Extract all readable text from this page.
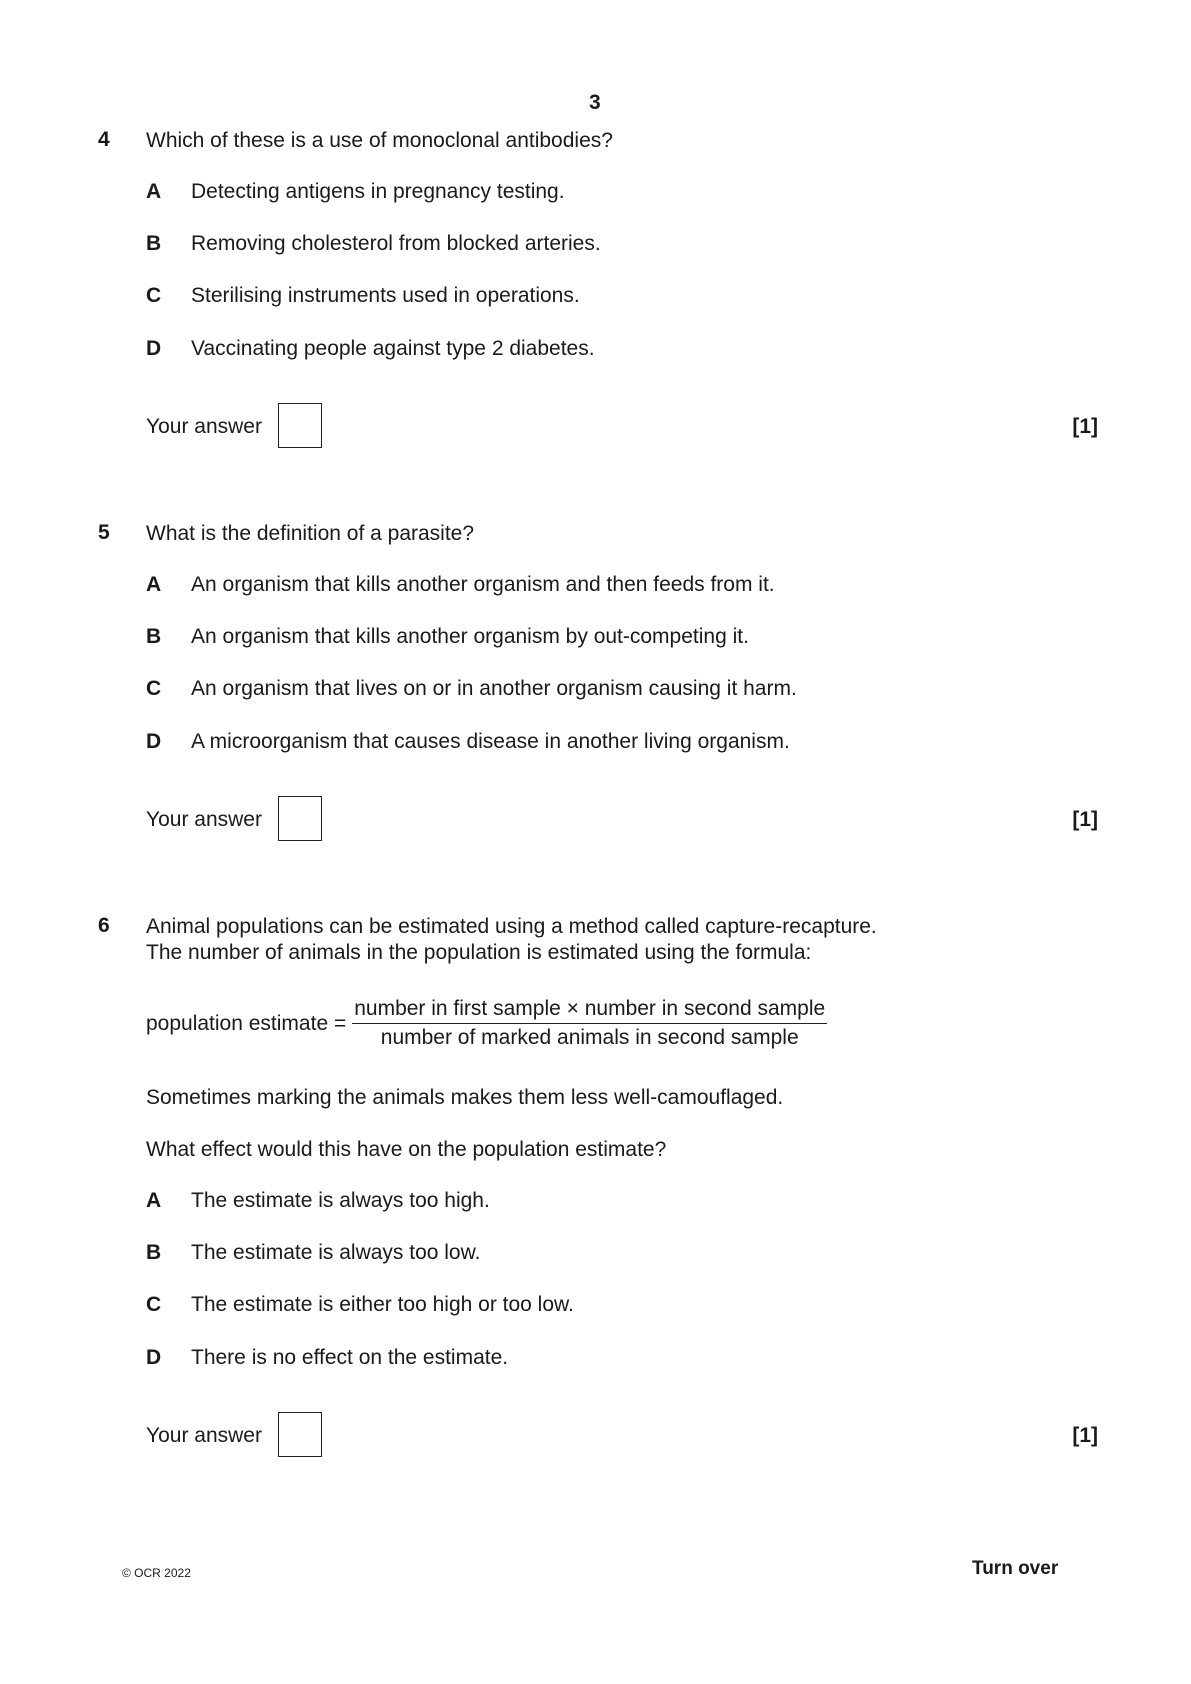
3
4 Which of these is a use of monoclonal antibodies?
A Detecting antigens in pregnancy testing.
B Removing cholesterol from blocked arteries.
C Sterilising instruments used in operations.
D Vaccinating people against type 2 diabetes.
Your answer	[1]
5 What is the definition of a parasite?
A An organism that kills another organism and then feeds from it.
B An organism that kills another organism by out-competing it.
C An organism that lives on or in another organism causing it harm.
D A microorganism that causes disease in another living organism.
Your answer	[1]
6 Animal populations can be estimated using a method called capture-recapture.
The number of animals in the population is estimated using the formula:
population estimate = $\frac{\text{number in first sample × number in second sample}}{\text{number of marked animals in second sample}}$
Sometimes marking the animals makes them less well-camouflaged.
What effect would this have on the population estimate?
A The estimate is always too high.
B The estimate is always too low.
C The estimate is either too high or too low.
D There is no effect on the estimate.
Your answer	[1]
© OCR 2022	Turn over
